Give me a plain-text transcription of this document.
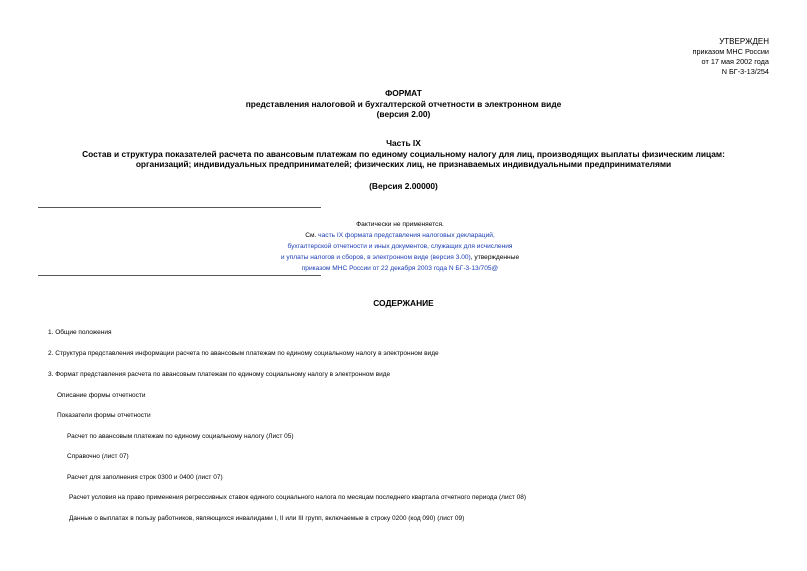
УТВЕРЖДЕН
приказом МНС России
от 17 мая 2002 года
N БГ-3-13/254
ФОРМАТ
представления налоговой и бухгалтерской отчетности в электронном виде
(версия 2.00)
Часть IX
Состав и структура показателей расчета по авансовым платежам по единому социальному налогу для лиц, производящих выплаты физическим лицам:
организаций; индивидуальных предпринимателей; физических лиц, не признаваемых индивидуальными предпринимателями
(Версия 2.00000)
Фактически не применяется.
См. часть IX формата представления налоговых деклараций,
бухгалтерской отчетности и иных документов, служащих для исчисления
и уплаты налогов и сборов, в электронном виде (версия 3.00), утвержденные
приказом МНС России от 22 декабря 2003 года N БГ-3-13/705@
СОДЕРЖАНИЕ
1. Общие положения
2. Структура представления информации расчета по авансовым платежам по единому социальному налогу в электронном виде
3. Формат представления расчета по авансовым платежам по единому социальному налогу в электронном виде
Описание формы отчетности
Показатели формы отчетности
Расчет по авансовым платежам по единому социальному налогу (Лист 05)
Справочно (лист 07)
Расчет для заполнения строк 0300 и 0400 (лист 07)
Расчет условия на право применения регрессивных ставок единого социального налога по месяцам последнего квартала отчетного периода (лист 08)
Данные о выплатах в пользу работников, являющихся инвалидами I, II или III групп, включаемые в строку 0200 (код 090) (лист 09)
